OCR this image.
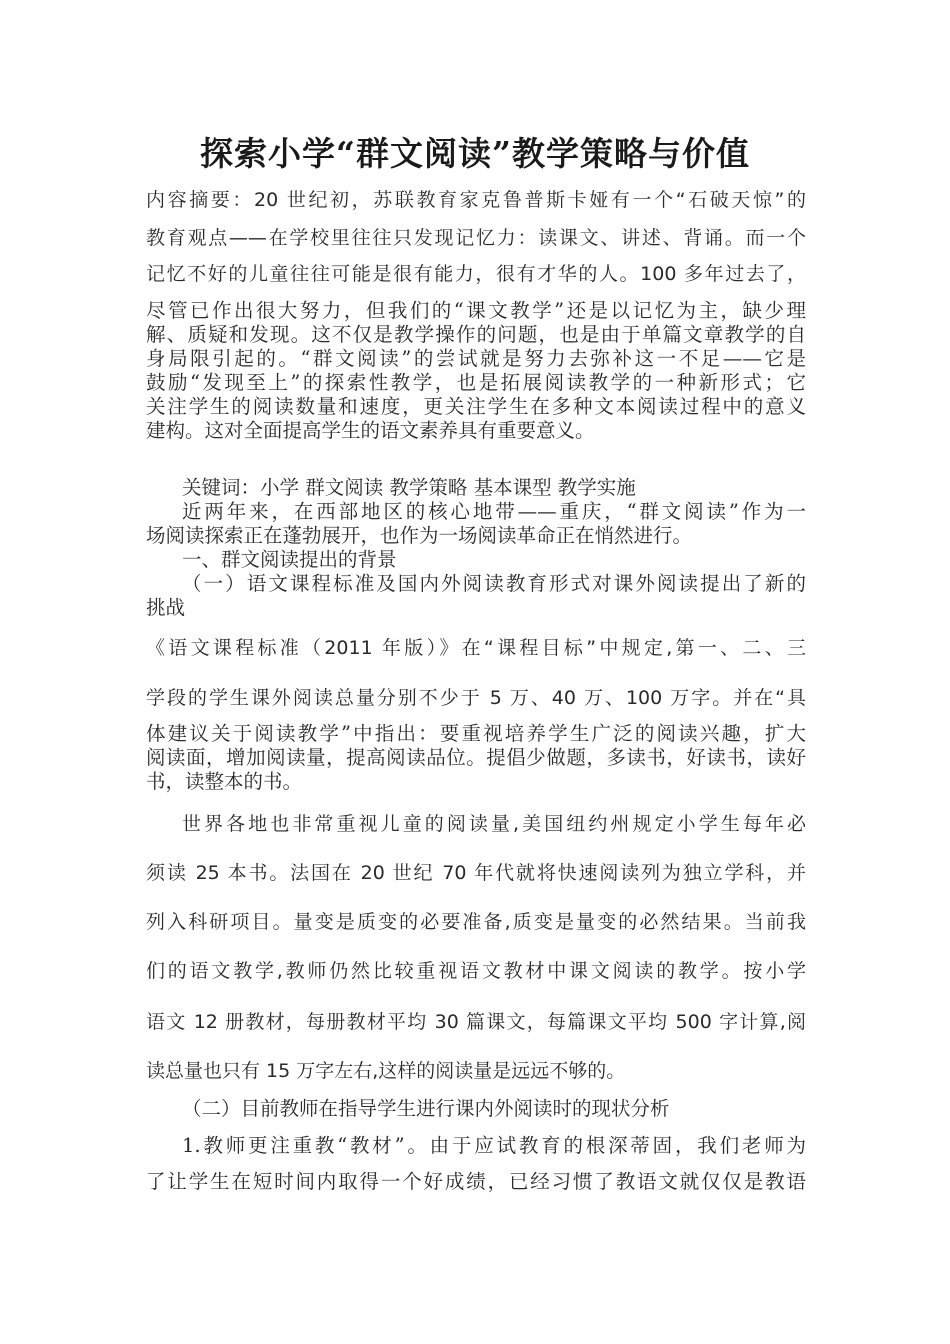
探索小学“群文阅读”教学策略与价值
内容摘要：20 世纪初，苏联教育家克鲁普斯卡娅有一个“石破天惊”的
教育观点——在学校里往往只发现记忆力：读课文、讲述、背诵。而一个
记忆不好的儿童往往可能是很有能力，很有才华的人。100 多年过去了，
尽管已作出很大努力，但我们的“课文教学”还是以记忆为主，缺少理
解、质疑和发现。这不仅是教学操作的问题，也是由于单篇文章教学的自
身局限引起的。“群文阅读”的尝试就是努力去弥补这一不足——它是
鼓励“发现至上”的探索性教学，也是拓展阅读教学的一种新形式；它
关注学生的阅读数量和速度，更关注学生在多种文本阅读过程中的意义
建构。这对全面提高学生的语文素养具有重要意义。
关键词：小学 群文阅读 教学策略 基本课型 教学实施
近两年来，在西部地区的核心地带——重庆，“群文阅读”作为一
场阅读探索正在蓬勃展开，也作为一场阅读革命正在悄然进行。
一、群文阅读提出的背景
（一）语文课程标准及国内外阅读教育形式对课外阅读提出了新的
挑战
《语文课程标准（2011 年版）》在“课程目标”中规定,第一、二、三
学段的学生课外阅读总量分别不少于 5 万、40 万、100 万字。并在“具
体建议关于阅读教学”中指出：要重视培养学生广泛的阅读兴趣，扩大
阅读面，增加阅读量，提高阅读品位。提倡少做题，多读书，好读书，读好
书，读整本的书。
世界各地也非常重视儿童的阅读量,美国纽约州规定小学生每年必
须读 25 本书。法国在 20 世纪 70 年代就将快速阅读列为独立学科，并
列入科研项目。量变是质变的必要准备,质变是量变的必然结果。当前我
们的语文教学,教师仍然比较重视语文教材中课文阅读的教学。按小学
语文 12 册教材，每册教材平均 30 篇课文，每篇课文平均 500 字计算,阅
读总量也只有 15 万字左右,这样的阅读量是远远不够的。
（二）目前教师在指导学生进行课内外阅读时的现状分析
1.教师更注重教“教材”。由于应试教育的根深蒂固，我们老师为
了让学生在短时间内取得一个好成绩，已经习惯了教语文就仅仅是教语
